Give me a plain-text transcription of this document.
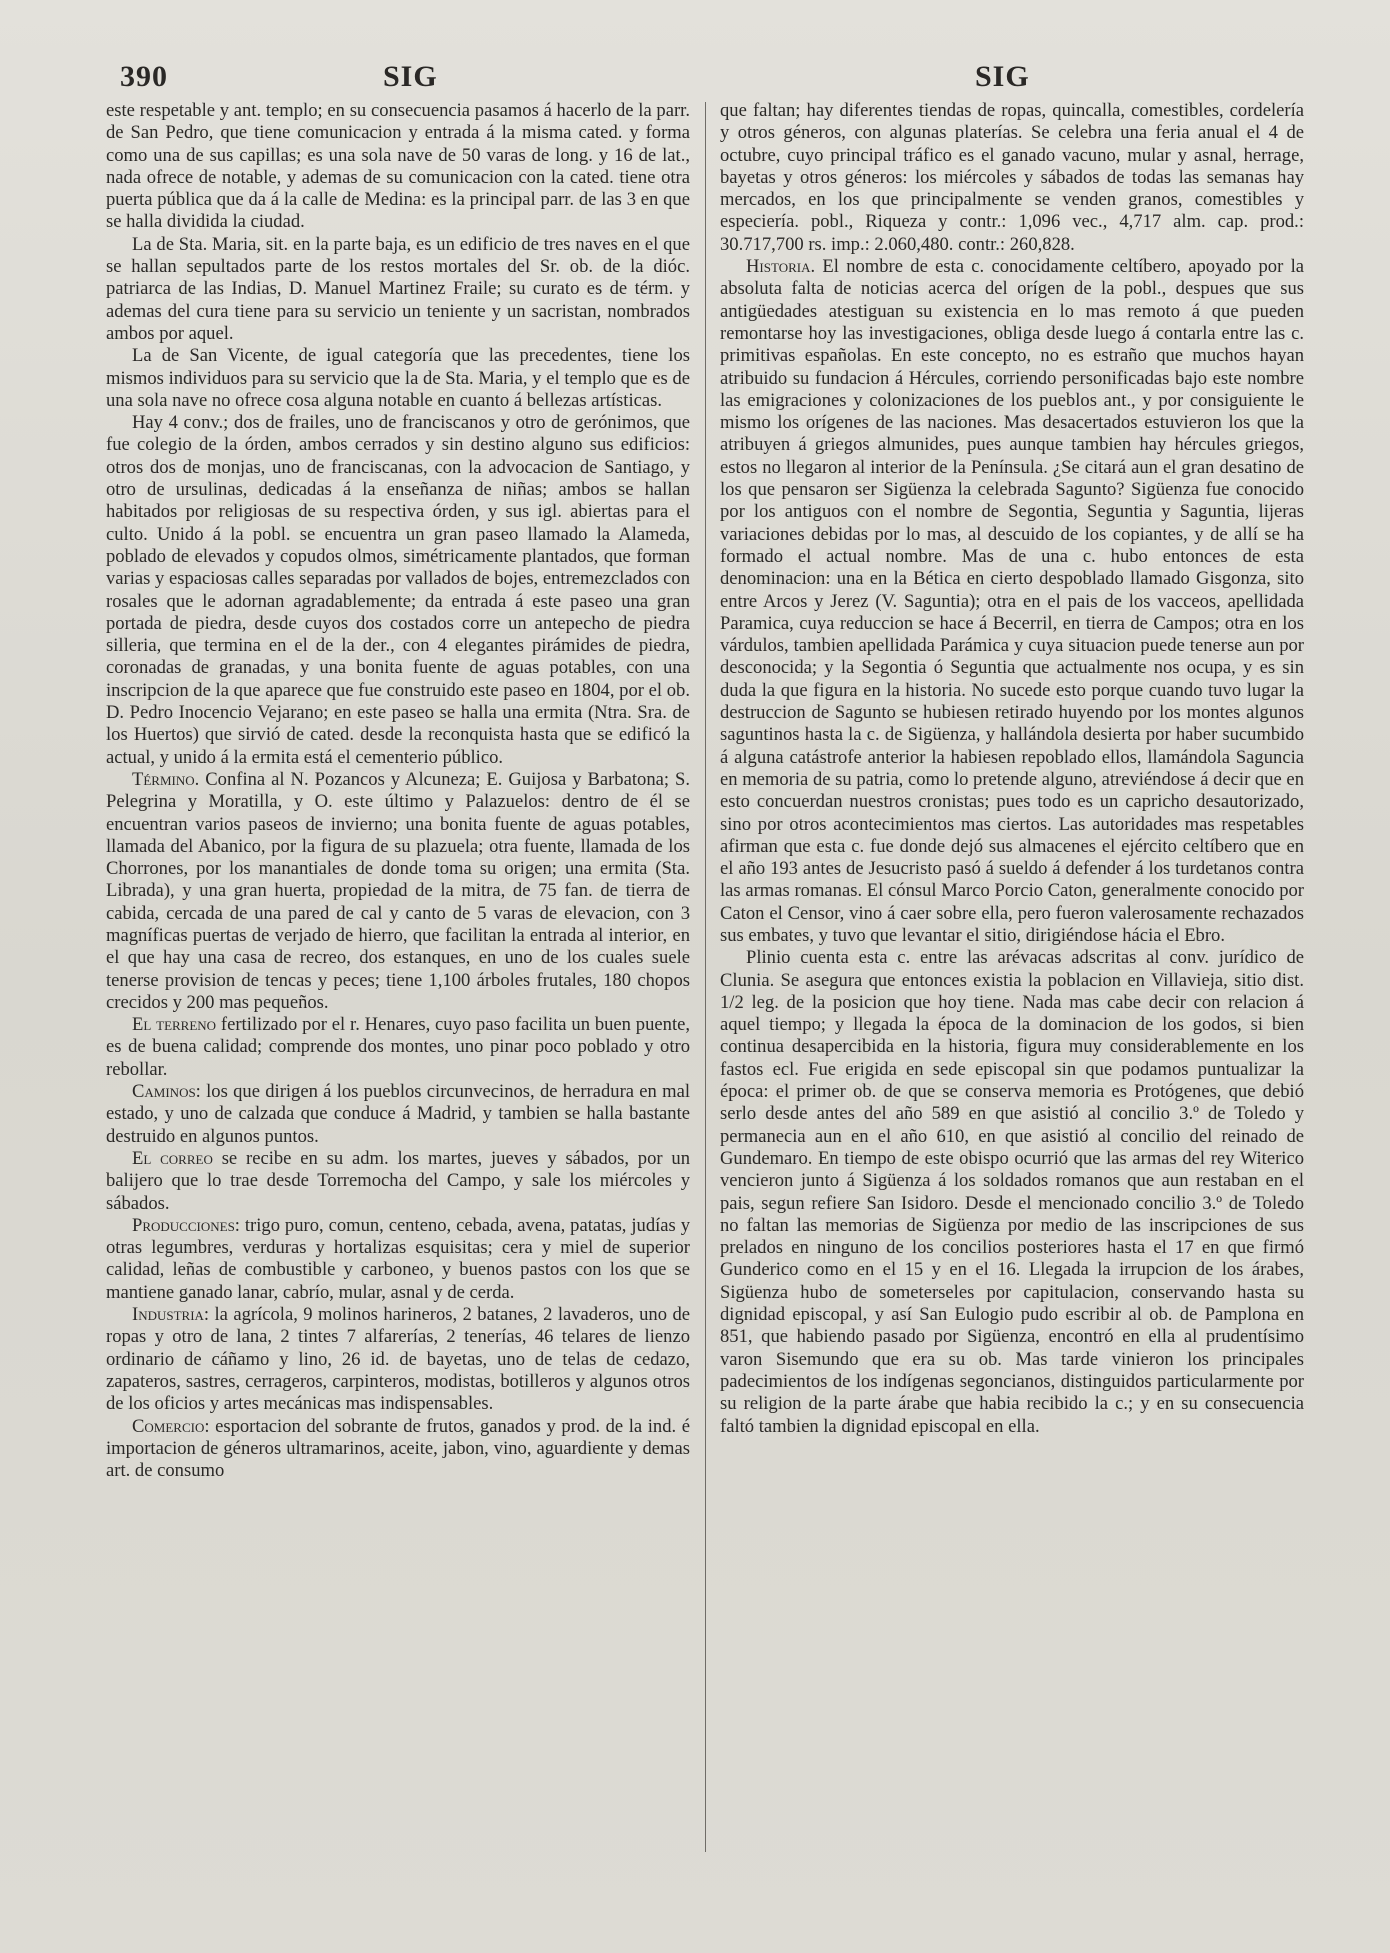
390	SIG	SIG

este respetable y ant. templo; en su consecuencia pasamos á hacerlo de la parr. de San Pedro, que tiene comunicacion y entrada á la misma cated. y forma como una de sus capillas; es una sola nave de 50 varas de long. y 16 de lat., nada ofrece de notable, y ademas de su comunicacion con la cated. tiene otra puerta pública que da á la calle de Medina: es la principal parr. de las 3 en que se halla dividida la ciudad.

La de Sta. Maria, sit. en la parte baja, es un edificio de tres naves en el que se hallan sepultados parte de los restos mortales del Sr. ob. de la dióc. patriarca de las Indias, D. Manuel Martinez Fraile; su curato es de térm. y ademas del cura tiene para su servicio un teniente y un sacristan, nombrados ambos por aquel.

La de San Vicente, de igual categoría que las precedentes, tiene los mismos individuos para su servicio que la de Sta. Maria, y el templo que es de una sola nave no ofrece cosa alguna notable en cuanto á bellezas artísticas.

Hay 4 conv.; dos de frailes, uno de franciscanos y otro de gerónimos, que fue colegio de la órden, ambos cerrados y sin destino alguno sus edificios: otros dos de monjas, uno de franciscanas, con la advocacion de Santiago, y otro de ursulinas, dedicadas á la enseñanza de niñas; ambos se hallan habitados por religiosas de su respectiva órden, y sus igl. abiertas para el culto. Unido á la pobl. se encuentra un gran paseo llamado la Alameda, poblado de elevados y copudos olmos, simétricamente plantados, que forman varias y espaciosas calles separadas por vallados de bojes, entremezclados con rosales que le adornan agradablemente; da entrada á este paseo una gran portada de piedra, desde cuyos dos costados corre un antepecho de piedra silleria, que termina en el de la der., con 4 elegantes pirámides de piedra, coronadas de granadas, y una bonita fuente de aguas potables, con una inscripcion de la que aparece que fue construido este paseo en 1804, por el ob. D. Pedro Inocencio Vejarano; en este paseo se halla una ermita (Ntra. Sra. de los Huertos) que sirvió de cated. desde la reconquista hasta que se edificó la actual, y unido á la ermita está el cementerio público.

Término. Confina al N. Pozancos y Alcuneza; E. Guijosa y Barbatona; S. Pelegrina y Moratilla, y O. este último y Palazuelos: dentro de él se encuentran varios paseos de invierno; una bonita fuente de aguas potables, llamada del Abanico, por la figura de su plazuela; otra fuente, llamada de los Chorrones, por los manantiales de donde toma su origen; una ermita (Sta. Librada), y una gran huerta, propiedad de la mitra, de 75 fan. de tierra de cabida, cercada de una pared de cal y canto de 5 varas de elevacion, con 3 magníficas puertas de verjado de hierro, que facilitan la entrada al interior, en el que hay una casa de recreo, dos estanques, en uno de los cuales suele tenerse provision de tencas y peces; tiene 1,100 árboles frutales, 180 chopos crecidos y 200 mas pequeños.

El terreno fertilizado por el r. Henares, cuyo paso facilita un buen puente, es de buena calidad; comprende dos montes, uno pinar poco poblado y otro rebollar.

Caminos: los que dirigen á los pueblos circunvecinos, de herradura en mal estado, y uno de calzada que conduce á Madrid, y tambien se halla bastante destruido en algunos puntos.

El correo se recibe en su adm. los martes, jueves y sábados, por un balijero que lo trae desde Torremocha del Campo, y sale los miércoles y sábados.

Producciones: trigo puro, comun, centeno, cebada, avena, patatas, judías y otras legumbres, verduras y hortalizas esquisitas; cera y miel de superior calidad, leñas de combustible y carboneo, y buenos pastos con los que se mantiene ganado lanar, cabrío, mular, asnal y de cerda.

Industria: la agrícola, 9 molinos harineros, 2 batanes, 2 lavaderos, uno de ropas y otro de lana, 2 tintes 7 alfarerías, 2 tenerías, 46 telares de lienzo ordinario de cáñamo y lino, 26 id. de bayetas, uno de telas de cedazo, zapateros, sastres, cerrageros, carpinteros, modistas, botilleros y algunos otros de los oficios y artes mecánicas mas indispensables.

Comercio: esportacion del sobrante de frutos, ganados y prod. de la ind. é importacion de géneros ultramarinos, aceite, jabon, vino, aguardiente y demas art. de consumo

que faltan; hay diferentes tiendas de ropas, quincalla, comestibles, cordelería y otros géneros, con algunas platerías. Se celebra una feria anual el 4 de octubre, cuyo principal tráfico es el ganado vacuno, mular y asnal, herrage, bayetas y otros géneros: los miércoles y sábados de todas las semanas hay mercados, en los que principalmente se venden granos, comestibles y especiería. pobl., Riqueza y contr.: 1,096 vec., 4,717 alm. cap. prod.: 30.717,700 rs. imp.: 2.060,480. contr.: 260,828.

Historia. El nombre de esta c. conocidamente celtíbero, apoyado por la absoluta falta de noticias acerca del orígen de la pobl., despues que sus antigüedades atestiguan su existencia en lo mas remoto á que pueden remontarse hoy las investigaciones, obliga desde luego á contarla entre las c. primitivas españolas. En este concepto, no es estraño que muchos hayan atribuido su fundacion á Hércules, corriendo personificadas bajo este nombre las emigraciones y colonizaciones de los pueblos ant., y por consiguiente le mismo los orígenes de las naciones. Mas desacertados estuvieron los que la atribuyen á griegos almunides, pues aunque tambien hay hércules griegos, estos no llegaron al interior de la Península. ¿Se citará aun el gran desatino de los que pensaron ser Sigüenza la celebrada Sagunto? Sigüenza fue conocido por los antiguos con el nombre de Segontia, Seguntia y Saguntia, lijeras variaciones debidas por lo mas, al descuido de los copiantes, y de allí se ha formado el actual nombre. Mas de una c. hubo entonces de esta denominacion: una en la Bética en cierto despoblado llamado Gisgonza, sito entre Arcos y Jerez (V. Saguntia); otra en el pais de los vacceos, apellidada Paramica, cuya reduccion se hace á Becerril, en tierra de Campos; otra en los várdulos, tambien apellidada Parámica y cuya situacion puede tenerse aun por desconocida; y la Segontia ó Seguntia que actualmente nos ocupa, y es sin duda la que figura en la historia. No sucede esto porque cuando tuvo lugar la destruccion de Sagunto se hubiesen retirado huyendo por los montes algunos saguntinos hasta la c. de Sigüenza, y hallándola desierta por haber sucumbido á alguna catástrofe anterior la habiesen repoblado ellos, llamándola Saguncia en memoria de su patria, como lo pretende alguno, atreviéndose á decir que en esto concuerdan nuestros cronistas; pues todo es un capricho desautorizado, sino por otros acontecimientos mas ciertos. Las autoridades mas respetables afirman que esta c. fue donde dejó sus almacenes el ejército celtíbero que en el año 193 antes de Jesucristo pasó á sueldo á defender á los turdetanos contra las armas romanas. El cónsul Marco Porcio Caton, generalmente conocido por Caton el Censor, vino á caer sobre ella, pero fueron valerosamente rechazados sus embates, y tuvo que levantar el sitio, dirigiéndose hácia el Ebro.

Plinio cuenta esta c. entre las arévacas adscritas al conv. jurídico de Clunia. Se asegura que entonces existia la poblacion en Villavieja, sitio dist. 1/2 leg. de la posicion que hoy tiene. Nada mas cabe decir con relacion á aquel tiempo; y llegada la época de la dominacion de los godos, si bien continua desapercibida en la historia, figura muy considerablemente en los fastos ecl. Fue erigida en sede episcopal sin que podamos puntualizar la época: el primer ob. de que se conserva memoria es Protógenes, que debió serlo desde antes del año 589 en que asistió al concilio 3.º de Toledo y permanecia aun en el año 610, en que asistió al concilio del reinado de Gundemaro. En tiempo de este obispo ocurrió que las armas del rey Witerico vencieron junto á Sigüenza á los soldados romanos que aun restaban en el pais, segun refiere San Isidoro. Desde el mencionado concilio 3.º de Toledo no faltan las memorias de Sigüenza por medio de las inscripciones de sus prelados en ninguno de los concilios posteriores hasta el 17 en que firmó Gunderico como en el 15 y en el 16. Llegada la irrupcion de los árabes, Sigüenza hubo de someterseles por capitulacion, conservando hasta su dignidad episcopal, y así San Eulogio pudo escribir al ob. de Pamplona en 851, que habiendo pasado por Sigüenza, encontró en ella al prudentísimo varon Sisemundo que era su ob. Mas tarde vinieron los principales padecimientos de los indígenas segoncianos, distinguidos particularmente por su religion de la parte árabe que habia recibido la c.; y en su consecuencia faltó tambien la dignidad episcopal en ella.
